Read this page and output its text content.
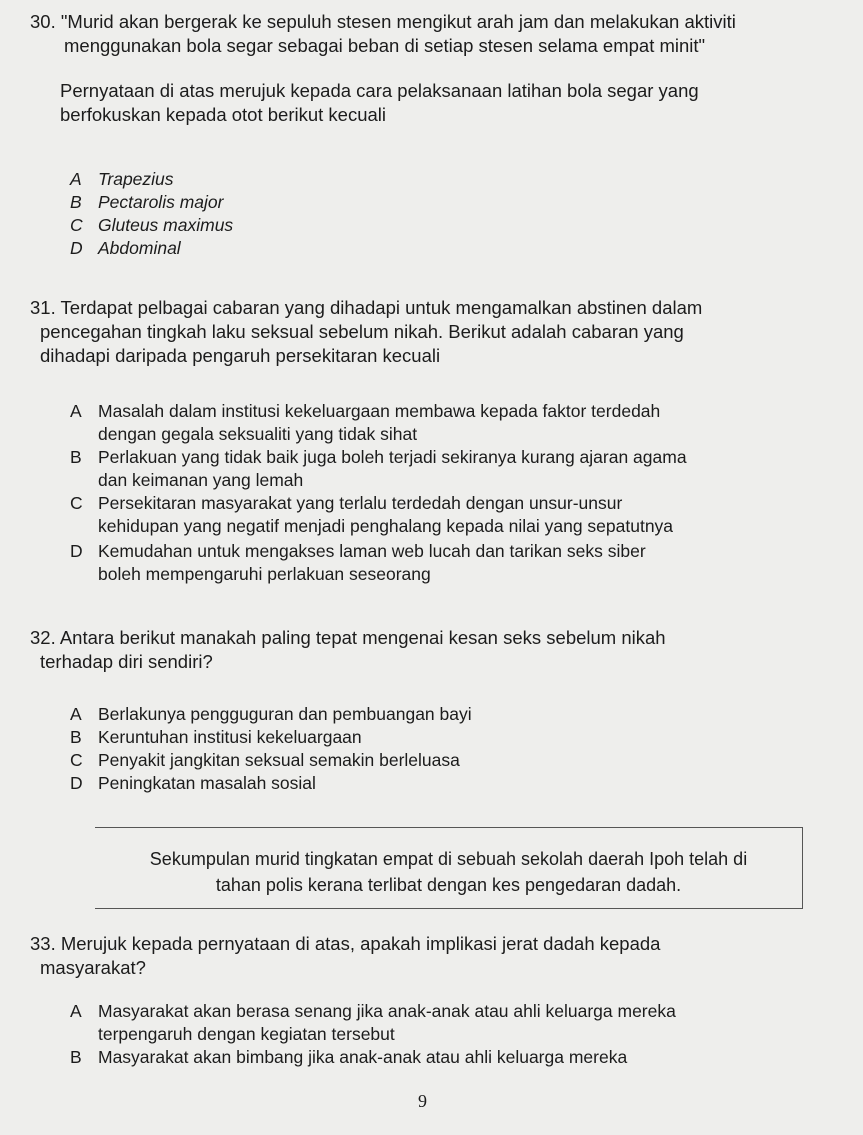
30. "Murid akan bergerak ke sepuluh stesen mengikut arah jam dan melakukan aktiviti
menggunakan bola segar sebagai beban di setiap stesen selama empat minit"
Pernyataan di atas merujuk kepada cara pelaksanaan latihan bola segar yang
berfokuskan kepada otot berikut kecuali
A Trapezius
B Pectarolis major
C Gluteus maximus
D Abdominal
31. Terdapat pelbagai cabaran yang dihadapi untuk mengamalkan abstinen dalam
pencegahan tingkah laku seksual sebelum nikah. Berikut adalah cabaran yang
dihadapi daripada pengaruh persekitaran kecuali
A Masalah dalam institusi kekeluargaan membawa kepada faktor terdedah
dengan gegala seksualiti yang tidak sihat
B Perlakuan yang tidak baik juga boleh terjadi sekiranya kurang ajaran agama
dan keimanan yang lemah
C Persekitaran masyarakat yang terlalu terdedah dengan unsur-unsur
kehidupan yang negatif menjadi penghalang kepada nilai yang sepatutnya
D Kemudahan untuk mengakses laman web lucah dan tarikan seks siber
boleh mempengaruhi perlakuan seseorang
32. Antara berikut manakah paling tepat mengenai kesan seks sebelum nikah
terhadap diri sendiri?
A Berlakunya pengguguran dan pembuangan bayi
B Keruntuhan institusi kekeluargaan
C Penyakit jangkitan seksual semakin berleluasa
D Peningkatan masalah sosial
Sekumpulan murid tingkatan empat di sebuah sekolah daerah Ipoh telah di
tahan polis kerana terlibat dengan kes pengedaran dadah.
33. Merujuk kepada pernyataan di atas, apakah implikasi jerat dadah kepada
masyarakat?
A Masyarakat akan berasa senang jika anak-anak atau ahli keluarga mereka
terpengaruh dengan kegiatan tersebut
B Masyarakat akan bimbang jika anak-anak atau ahli keluarga mereka
9
